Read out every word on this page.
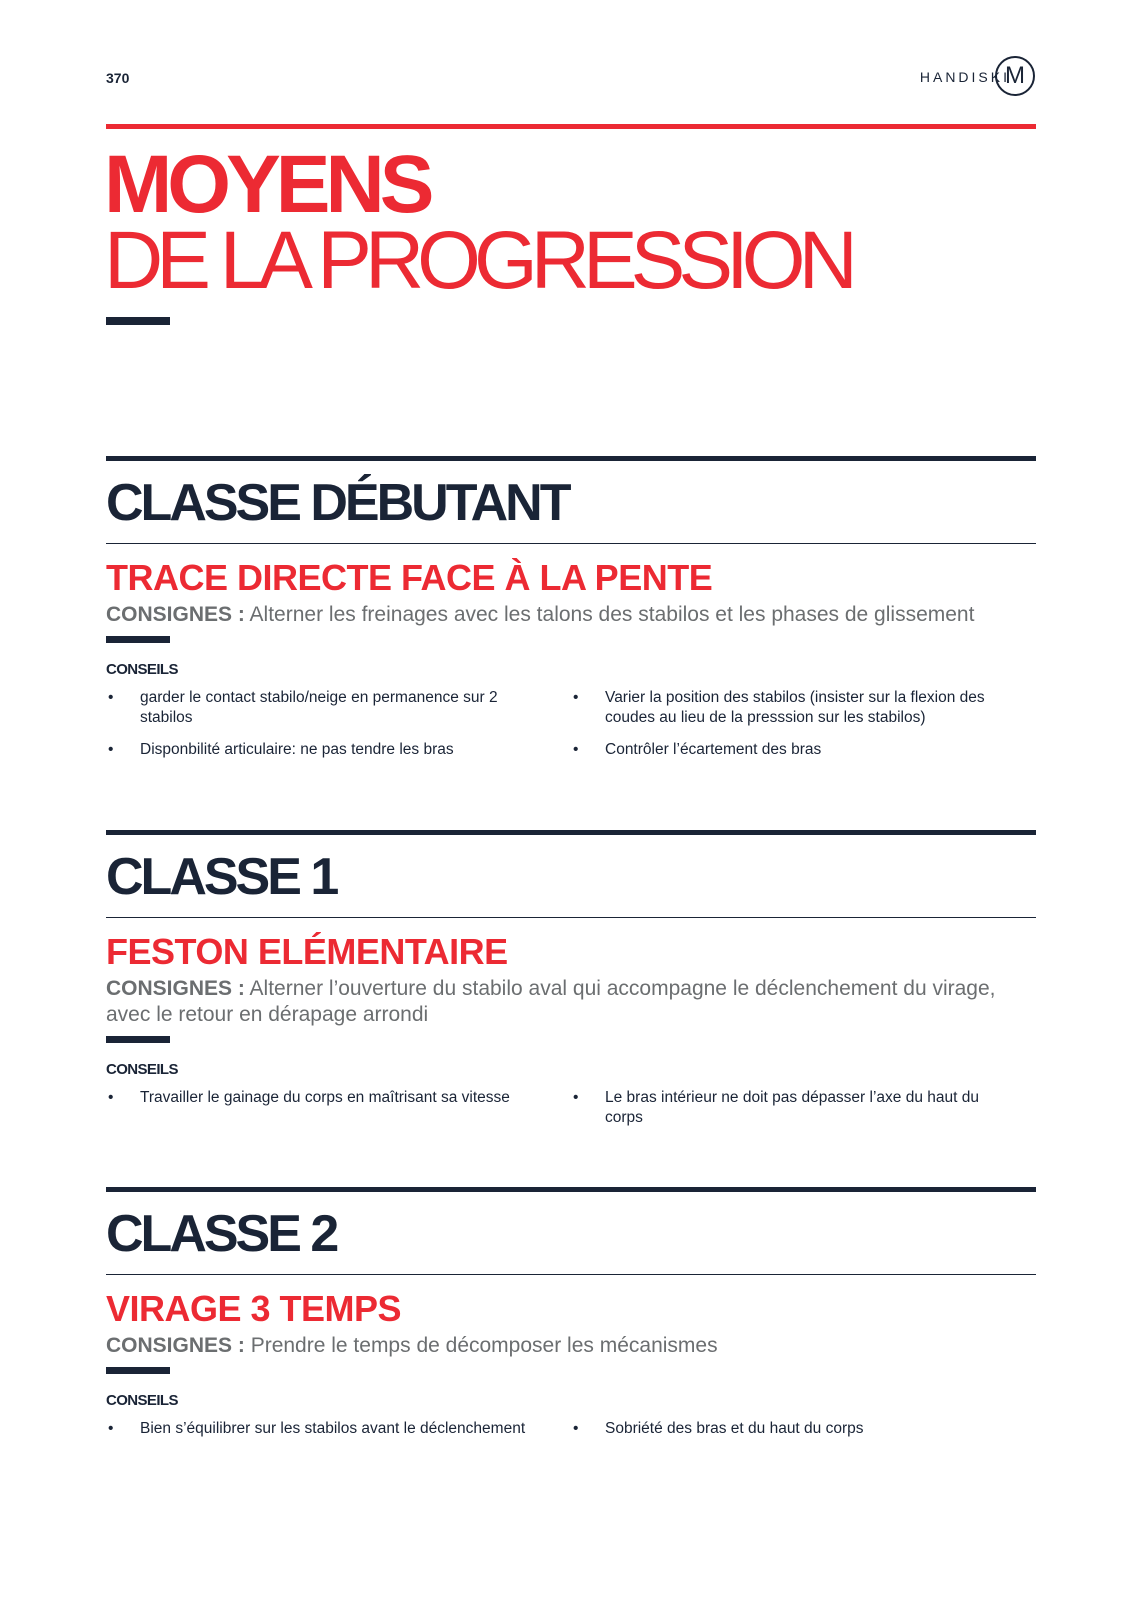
370	HANDISKI
M
MOYENS
DE LA PROGRESSION
CLASSE DÉBUTANT
TRACE DIRECTE FACE À LA PENTE
CONSIGNES : Alterner les freinages avec les talons des stabilos et les phases de glissement
CONSEILS
•	garder le contact stabilo/neige en permanence sur 2 stabilos
•	Varier la position des stabilos (insister sur la flexion des coudes au lieu de la presssion sur les stabilos)
•	Disponbilité articulaire: ne pas tendre les bras	•	Contrôler l’écartement des bras
CLASSE 1
FESTON ELÉMENTAIRE
CONSIGNES : Alterner l’ouverture du stabilo aval qui accompagne le déclenchement du virage, avec le retour en dérapage arrondi
CONSEILS
•	Travailler le gainage du corps en maîtrisant sa vitesse	•	Le bras intérieur ne doit pas dépasser l’axe du haut du corps
CLASSE 2
VIRAGE 3 TEMPS
CONSIGNES : Prendre le temps de décomposer les mécanismes
CONSEILS
•	Bien s’équilibrer sur les stabilos avant le déclenchement	•	Sobriété des bras et du haut du corps
